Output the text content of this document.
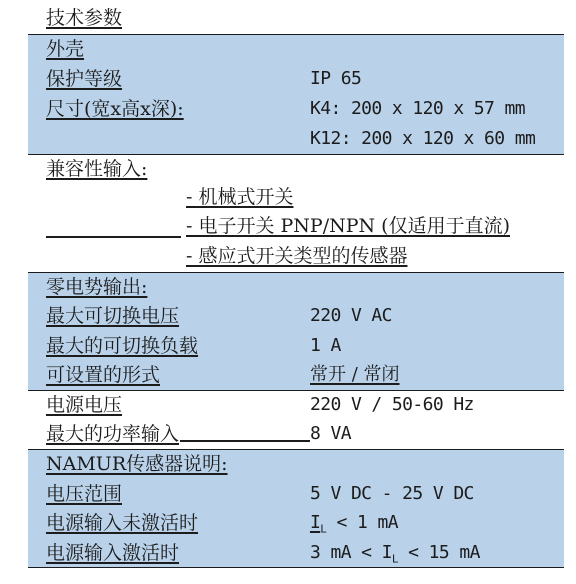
技术参数
外壳
保护等级	IP 65
尺寸(宽x高x深):	K4: 200 x 120 x 57 mm
K12: 200 x 120 x 60 mm
兼容性输入:
- 机械式开关
- 电子开关 PNP/NPN (仅适用于直流)
- 感应式开关类型的传感器
零电势输出:
最大可切换电压	220 V AC
最大的可切换负载	1 A
可设置的形式	常开 / 常闭
电源电压	220 V / 50-60 Hz
最大的功率输入	8 VA
NAMUR传感器说明:
电压范围	5 V DC - 25 V DC
电源输入未激活时	$I_L < 1$ mA
电源输入激活时	3 mA < $I_L < 15$ mA
